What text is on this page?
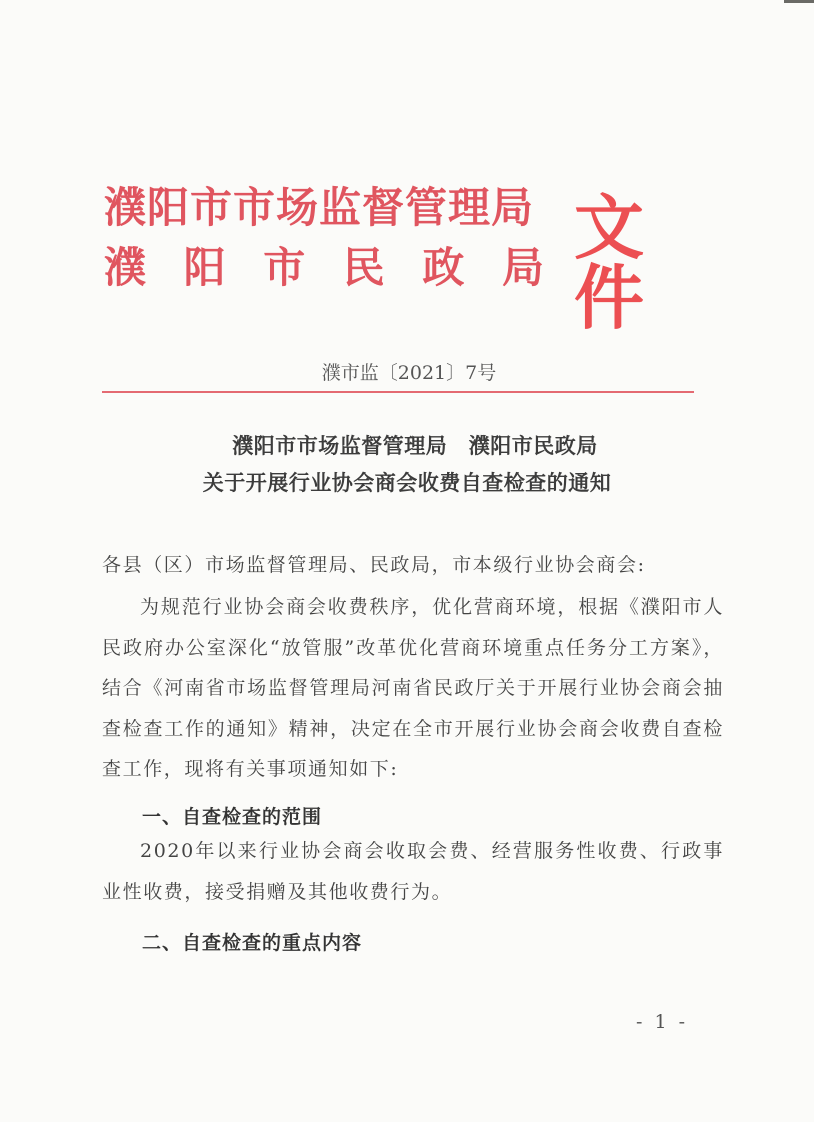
濮阳市市场监督管理局
濮 阳 市 民 政 局 文件
濮市监〔2021〕7号
濮阳市市场监督管理局　濮阳市民政局
关于开展行业协会商会收费自查检查的通知
各县（区）市场监督管理局、民政局，市本级行业协会商会:
为规范行业协会商会收费秩序，优化营商环境，根据《濮阳市人民政府办公室深化“放管服”改革优化营商环境重点任务分工方案》，结合《河南省市场监督管理局河南省民政厅关于开展行业协会商会抽查检查工作的通知》精神，决定在全市开展行业协会商会收费自查检查工作，现将有关事项通知如下:
一、自查检查的范围
2020年以来行业协会商会收取会费、经营服务性收费、行政事业性收费，接受捐赠及其他收费行为。
二、自查检查的重点内容
- 1 -
